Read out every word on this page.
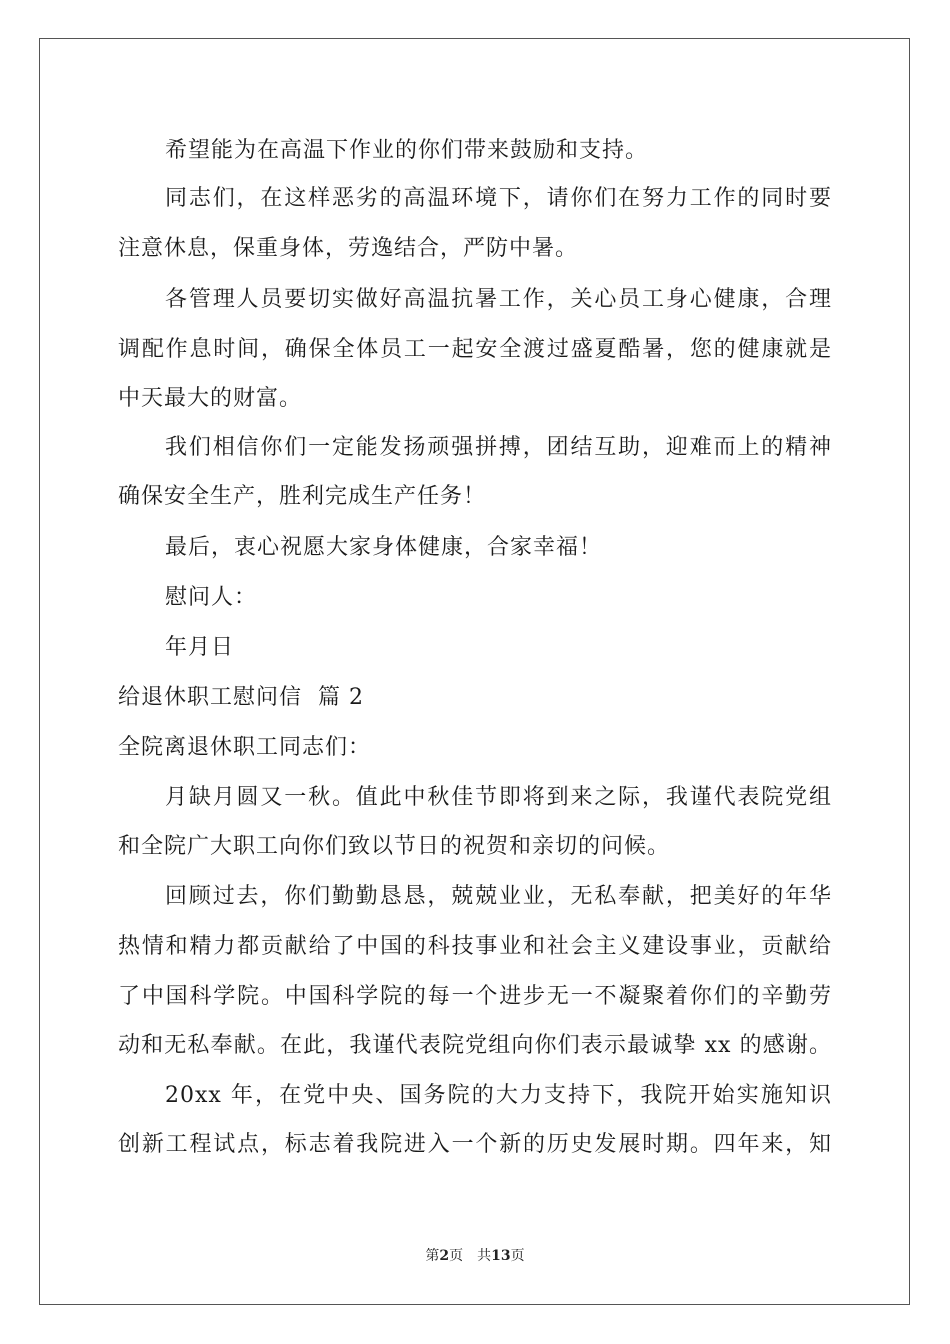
希望能为在高温下作业的你们带来鼓励和支持。
同志们，在这样恶劣的高温环境下，请你们在努力工作的同时要
注意休息，保重身体，劳逸结合，严防中暑。
各管理人员要切实做好高温抗暑工作，关心员工身心健康，合理
调配作息时间，确保全体员工一起安全渡过盛夏酷暑，您的健康就是
中天最大的财富。
我们相信你们一定能发扬顽强拼搏，团结互助，迎难而上的精神
确保安全生产，胜利完成生产任务！
最后，衷心祝愿大家身体健康，合家幸福！
慰问人：
年月日
给退休职工慰问信  篇 2
全院离退休职工同志们：
月缺月圆又一秋。值此中秋佳节即将到来之际，我谨代表院党组
和全院广大职工向你们致以节日的祝贺和亲切的问候。
回顾过去，你们勤勤恳恳，兢兢业业，无私奉献，把美好的年华
热情和精力都贡献给了中国的科技事业和社会主义建设事业，贡献给
了中国科学院。中国科学院的每一个进步无一不凝聚着你们的辛勤劳
动和无私奉献。在此，我谨代表院党组向你们表示最诚挚 xx 的感谢。
20xx 年，在党中央、国务院的大力支持下，我院开始实施知识
创新工程试点，标志着我院进入一个新的历史发展时期。四年来，知
第2页 共13页
